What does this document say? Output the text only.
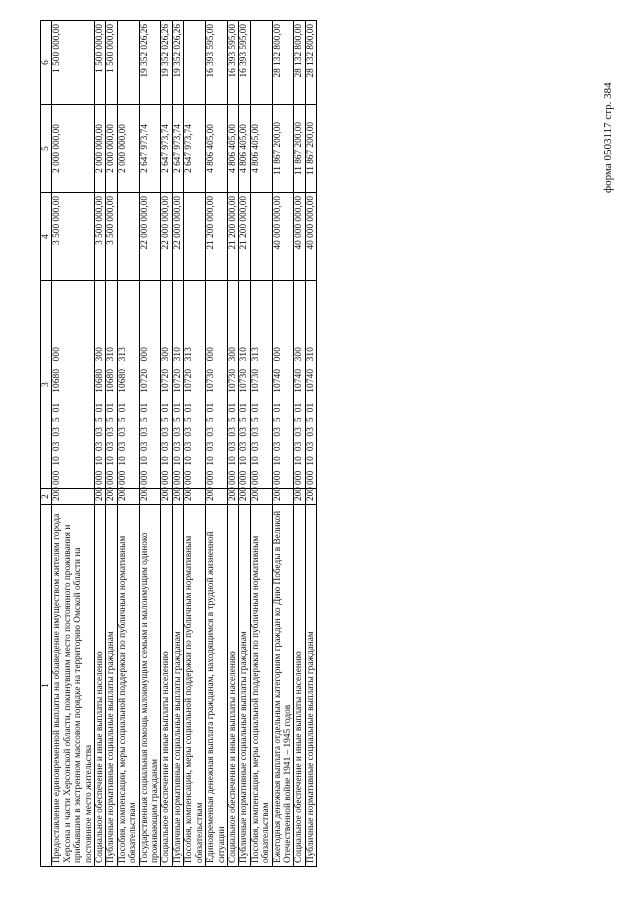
форма 0503117 стр. 384
1	2	3	4	5	6
Предоставление единовременной выплаты на обзаведение имуществом жителям города Херсона и части Херсонской области, покинувшим место постоянного проживания и прибывшим в экстренном массовом порядке на территорию Омской области на постоянное место жительства	200	000  10  03  03  5  01    10680   000	3 500 000,00	2 000 000,00	1 500 000,00
Социальное обеспечение и иные выплаты населению	200	000  10  03  03  5  01    10680   300	3 500 000,00	2 000 000,00	1 500 000,00
Публичные нормативные социальные выплаты гражданам	200	000  10  03  03  5  01    10680   310	3 500 000,00	2 000 000,00	1 500 000,00
Пособия, компенсации, меры социальной поддержки по публичным нормативным обязательствам	200	000  10  03  03  5  01    10680   313		2 000 000,00	
Государственная социальная помощь малоимущим семьям и малоимущим одиноко проживающим гражданам	200	000  10  03  03  5  01    10720   000	22 000 000,00	2 647 973,74	19 352 026,26
Социальное обеспечение и иные выплаты населению	200	000  10  03  03  5  01    10720   300	22 000 000,00	2 647 973,74	19 352 026,26
Публичные нормативные социальные выплаты гражданам	200	000  10  03  03  5  01    10720   310	22 000 000,00	2 647 973,74	19 352 026,26
Пособия, компенсации, меры социальной поддержки по публичным нормативным обязательствам	200	000  10  03  03  5  01    10720   313		2 647 973,74	
Единовременная денежная выплата гражданам, находящимся в трудной жизненной ситуации	200	000  10  03  03  5  01    10730   000	21 200 000,00	4 806 405,00	16 393 595,00
Социальное обеспечение и иные выплаты населению	200	000  10  03  03  5  01    10730   300	21 200 000,00	4 806 405,00	16 393 595,00
Публичные нормативные социальные выплаты гражданам	200	000  10  03  03  5  01    10730   310	21 200 000,00	4 806 405,00	16 393 595,00
Пособия, компенсации, меры социальной поддержки по публичным нормативным обязательствам	200	000  10  03  03  5  01    10730   313		4 806 405,00	
Ежегодная денежная выплата отдельным категориям граждан ко Дню Победы в Великой Отечественной войне 1941 – 1945 годов	200	000  10  03  03  5  01    10740   000	40 000 000,00	11 867 200,00	28 132 800,00
Социальное обеспечение и иные выплаты населению	200	000  10  03  03  5  01    10740   300	40 000 000,00	11 867 200,00	28 132 800,00
Публичные нормативные социальные выплаты гражданам	200	000  10  03  03  5  01    10740   310	40 000 000,00	11 867 200,00	28 132 800,00
